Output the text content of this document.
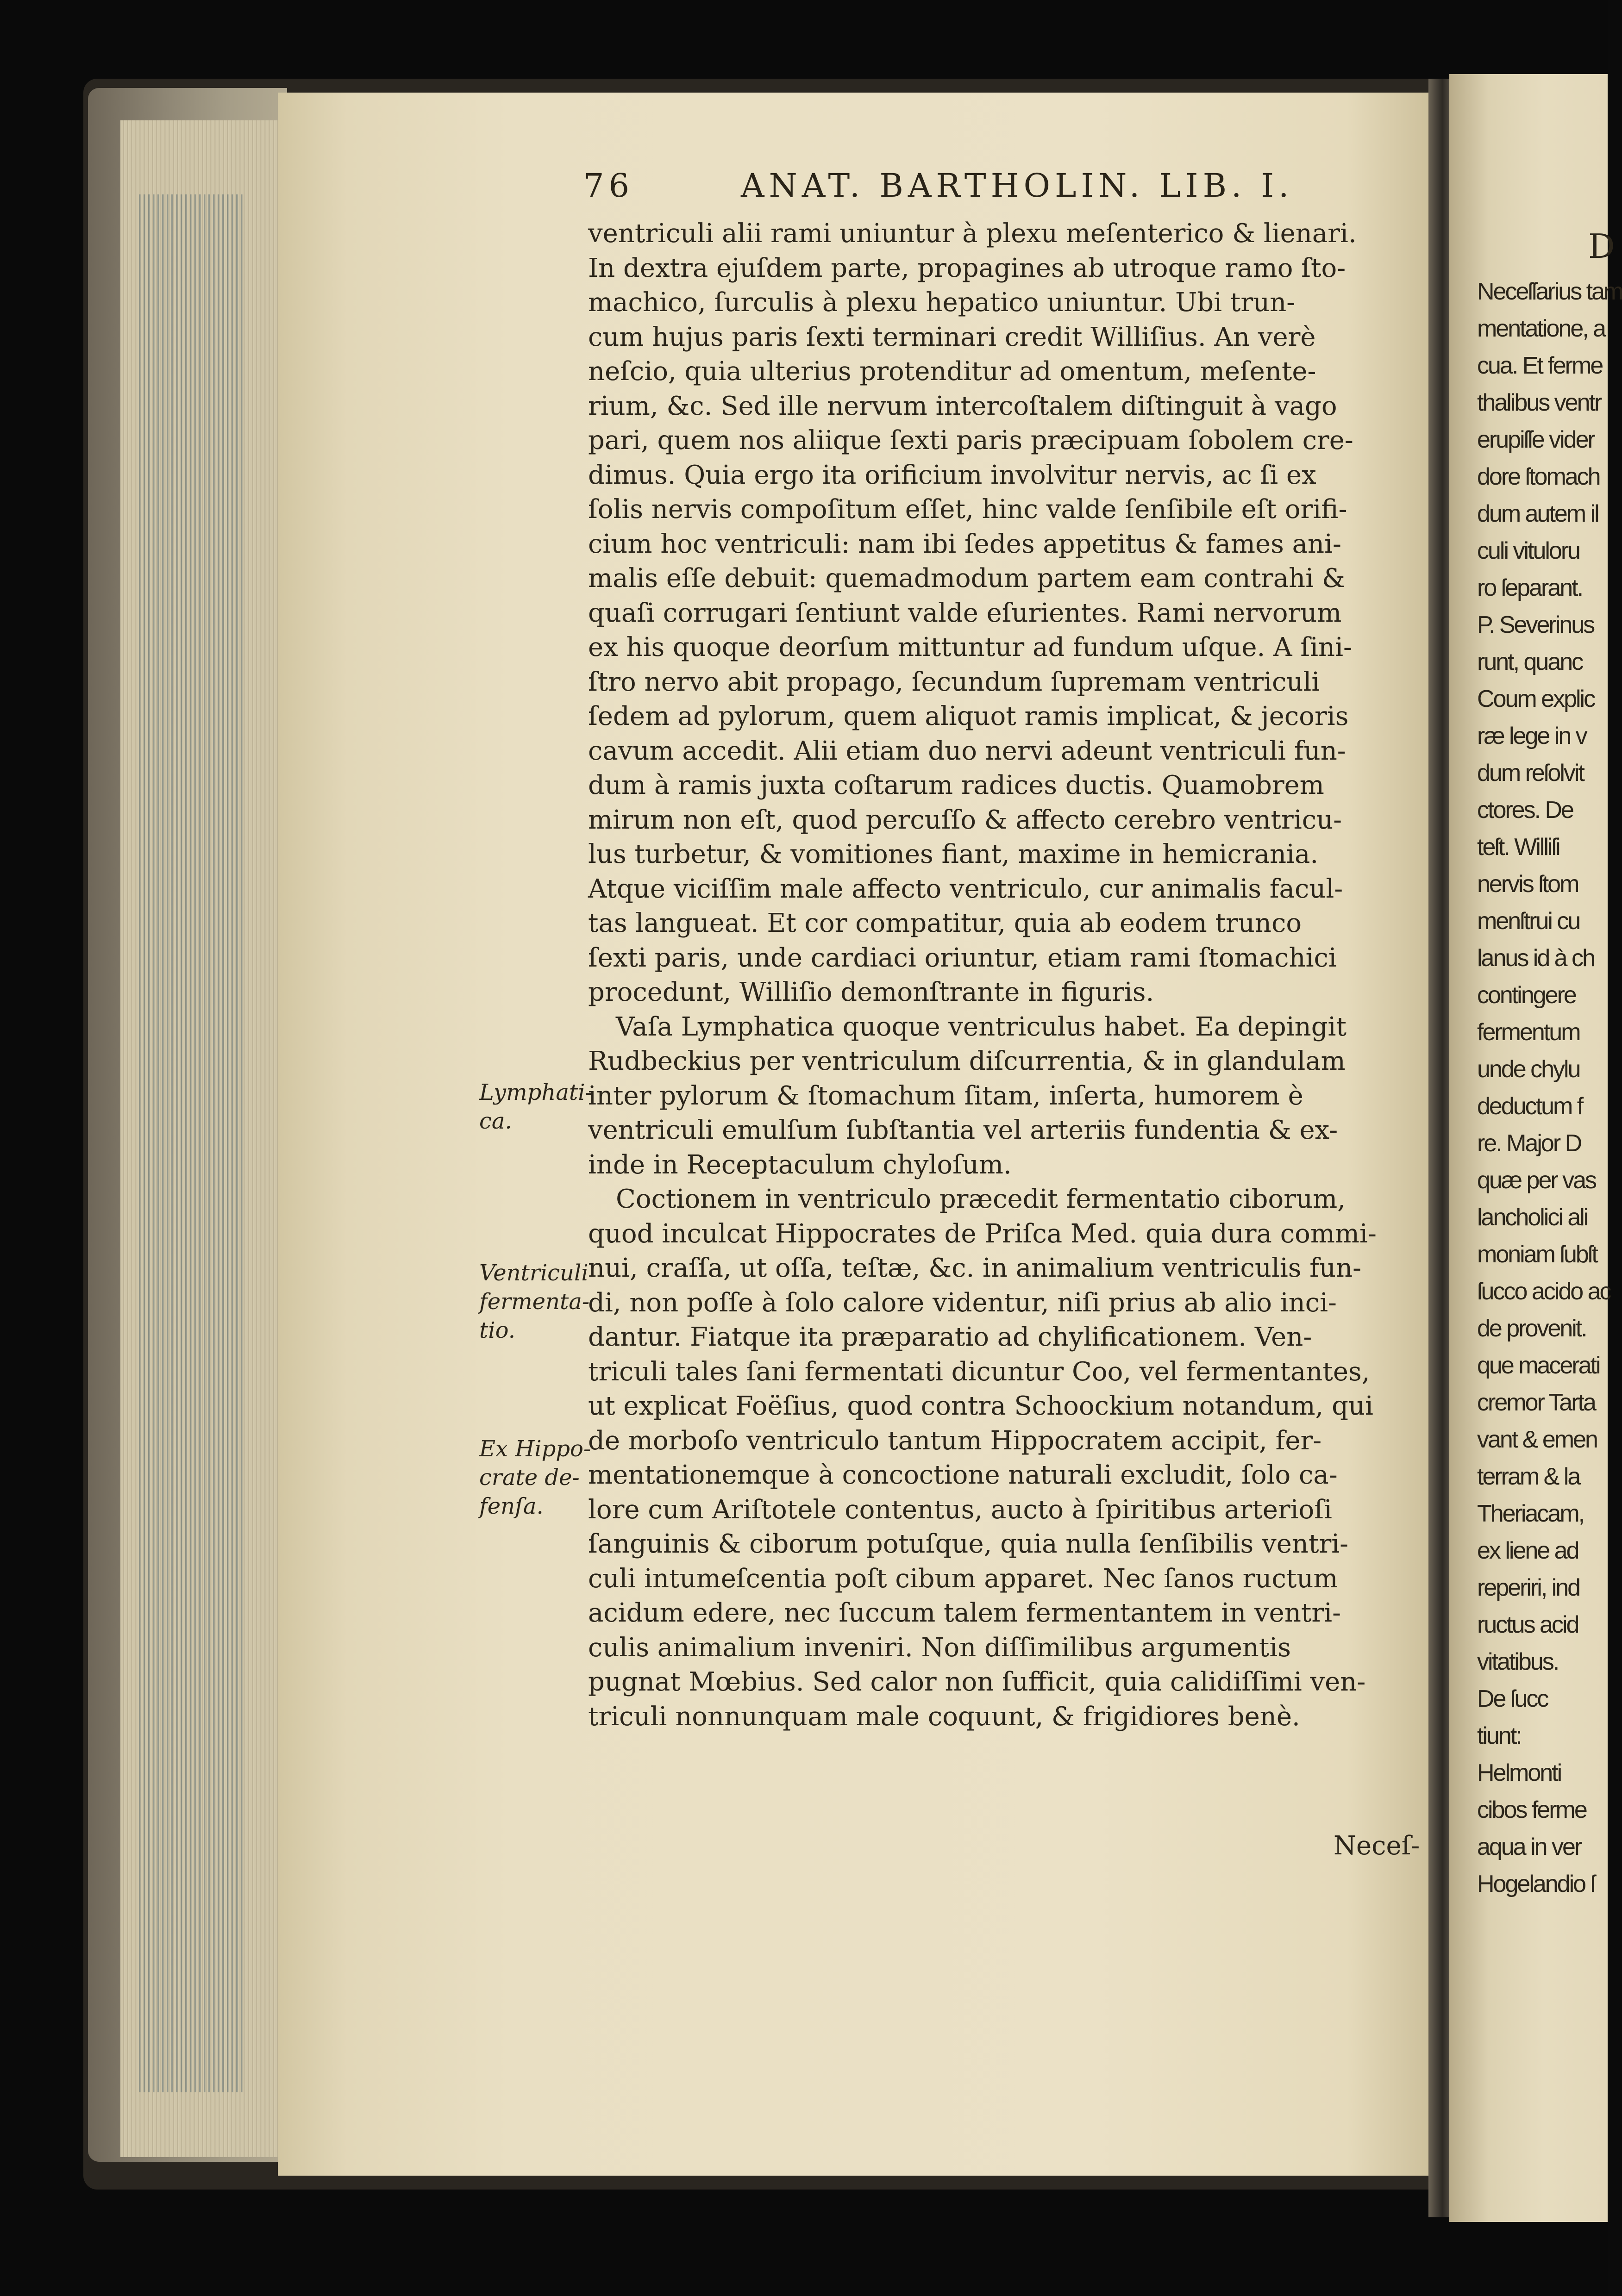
76	ANAT. BARTHOLIN. LIB. I.
ventriculi alii rami uniuntur à plexu meſenterico & lienari.
In dextra ejuſdem parte, propagines ab utroque ramo ſto-
machico, ſurculis à plexu hepatico uniuntur. Ubi trun-
cum hujus paris ſexti terminari credit Williſius. An verè
neſcio, quia ulterius protenditur ad omentum, meſente-
rium, &c. Sed ille nervum intercoſtalem diſtinguit à vago
pari, quem nos aliique ſexti paris præcipuam ſobolem cre-
dimus. Quia ergo ita orificium involvitur nervis, ac ſi ex
ſolis nervis compoſitum eſſet, hinc valde ſenſibile eſt orifi-
cium hoc ventriculi: nam ibi ſedes appetitus & fames ani-
malis eſſe debuit: quemadmodum partem eam contrahi &
quaſi corrugari ſentiunt valde eſurientes. Rami nervorum
ex his quoque deorſum mittuntur ad fundum uſque. A ſini-
ſtro nervo abit propago, ſecundum ſupremam ventriculi
ſedem ad pylorum, quem aliquot ramis implicat, & jecoris
cavum accedit. Alii etiam duo nervi adeunt ventriculi fun-
dum à ramis juxta coſtarum radices ductis. Quamobrem
mirum non eſt, quod percuſſo & affecto cerebro ventricu-
lus turbetur, & vomitiones fiant, maxime in hemicrania.
Atque viciſſim male affecto ventriculo, cur animalis facul-
tas langueat. Et cor compatitur, quia ab eodem trunco
ſexti paris, unde cardiaci oriuntur, etiam rami ſtomachici
procedunt, Williſio demonſtrante in figuris.
Vaſa Lymphatica quoque ventriculus habet. Ea depingit
Rudbeckius per ventriculum diſcurrentia, & in glandulam
inter pylorum & ſtomachum ſitam, inſerta, humorem è
ventriculi emulſum ſubſtantia vel arteriis fundentia & ex-
inde in Receptaculum chyloſum.
Coctionem in ventriculo præcedit fermentatio ciborum,
quod inculcat Hippocrates de Priſca Med. quia dura commi-
nui, craſſa, ut oſſa, teſtæ, &c. in animalium ventriculis fun-
di, non poſſe à ſolo calore videntur, niſi prius ab alio inci-
dantur. Fiatque ita præparatio ad chylificationem. Ven-
triculi tales ſani fermentati dicuntur Coo, vel fermentantes,
ut explicat Foëſius, quod contra Schoockium notandum, qui
de morboſo ventriculo tantum Hippocratem accipit, fer-
mentationemque à concoctione naturali excludit, ſolo ca-
lore cum Ariſtotele contentus, aucto à ſpiritibus arterioſi
ſanguinis & ciborum potuſque, quia nulla ſenſibilis ventri-
culi intumeſcentia poſt cibum apparet. Nec ſanos ructum
acidum edere, nec ſuccum talem fermentantem in ventri-
culis animalium inveniri. Non diſſimilibus argumentis
pugnat Mœbius. Sed calor non ſufficit, quia calidiſſimi ven-
triculi nonnunquam male coquunt, & frigidiores benè.
Lymphati-
ca.
Ventriculi
fermenta-
tio.
Ex Hippo-
crate de-
fenſa.
Neceſ-
D
Neceſſarius tam
mentatione, a
cua. Et ferme
thalibus ventr
erupiſſe vider
dore ſtomach
dum autem il
culi vituloru
ro ſeparant.
P. Severinus
runt, quanc
Coum explic
ræ lege in v
dum reſolvit
ctores. De
teſt. Williſi
nervis ſtom
menſtrui cu
lanus id à ch
contingere
fermentum
unde chylu
deductum f
re. Major D
quæ per vas
lancholici ali
moniam ſubſt
ſucco acido ac
de provenit.
que macerati
cremor Tarta
vant & emen
terram & la
Theriacam,
ex liene ad
reperiri, ind
ructus acid
vitatibus.
De ſucc
tiunt:
Helmonti
cibos ferme
aqua in ver
Hogelandio ſ
